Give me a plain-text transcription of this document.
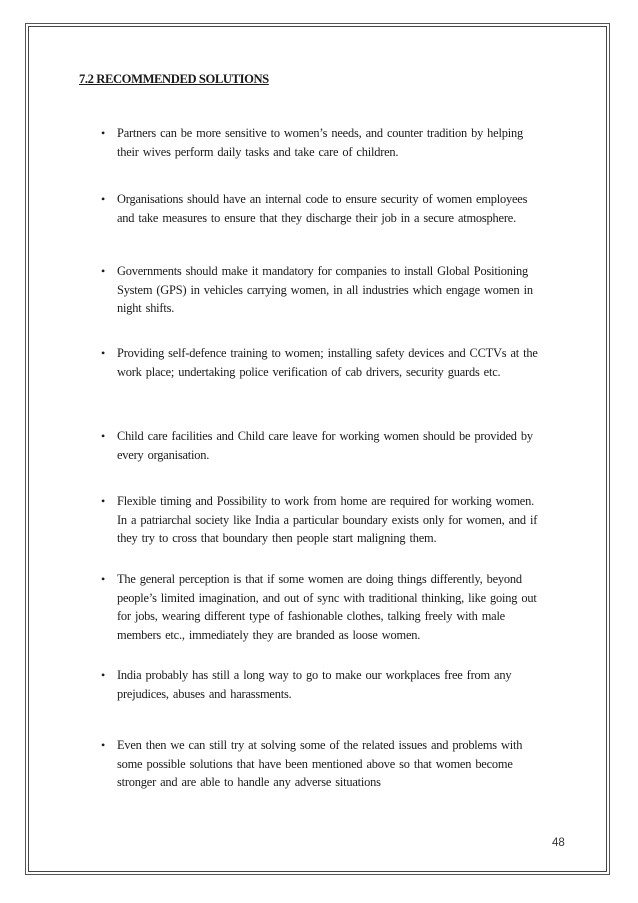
7.2 RECOMMENDED SOLUTIONS
• Partners can be more sensitive to women’s needs, and counter tradition by helping
their wives perform daily tasks and take care of children.
• Organisations should have an internal code to ensure security of women employees
and take measures to ensure that they discharge their job in a secure atmosphere.
• Governments should make it mandatory for companies to install Global Positioning
System (GPS) in vehicles carrying women, in all industries which engage women in
night shifts.
• Providing self-defence training to women; installing safety devices and CCTVs at the
work place; undertaking police verification of cab drivers, security guards etc.
• Child care facilities and Child care leave for working women should be provided by
every organisation.
• Flexible timing and Possibility to work from home are required for working women.
In a patriarchal society like India a particular boundary exists only for women, and if
they try to cross that boundary then people start maligning them.
• The general perception is that if some women are doing things differently, beyond
people’s limited imagination, and out of sync with traditional thinking, like going out
for jobs, wearing different type of fashionable clothes, talking freely with male
members etc., immediately they are branded as loose women.
• India probably has still a long way to go to make our workplaces free from any
prejudices, abuses and harassments.
• Even then we can still try at solving some of the related issues and problems with
some possible solutions that have been mentioned above so that women become
stronger and are able to handle any adverse situations
48
